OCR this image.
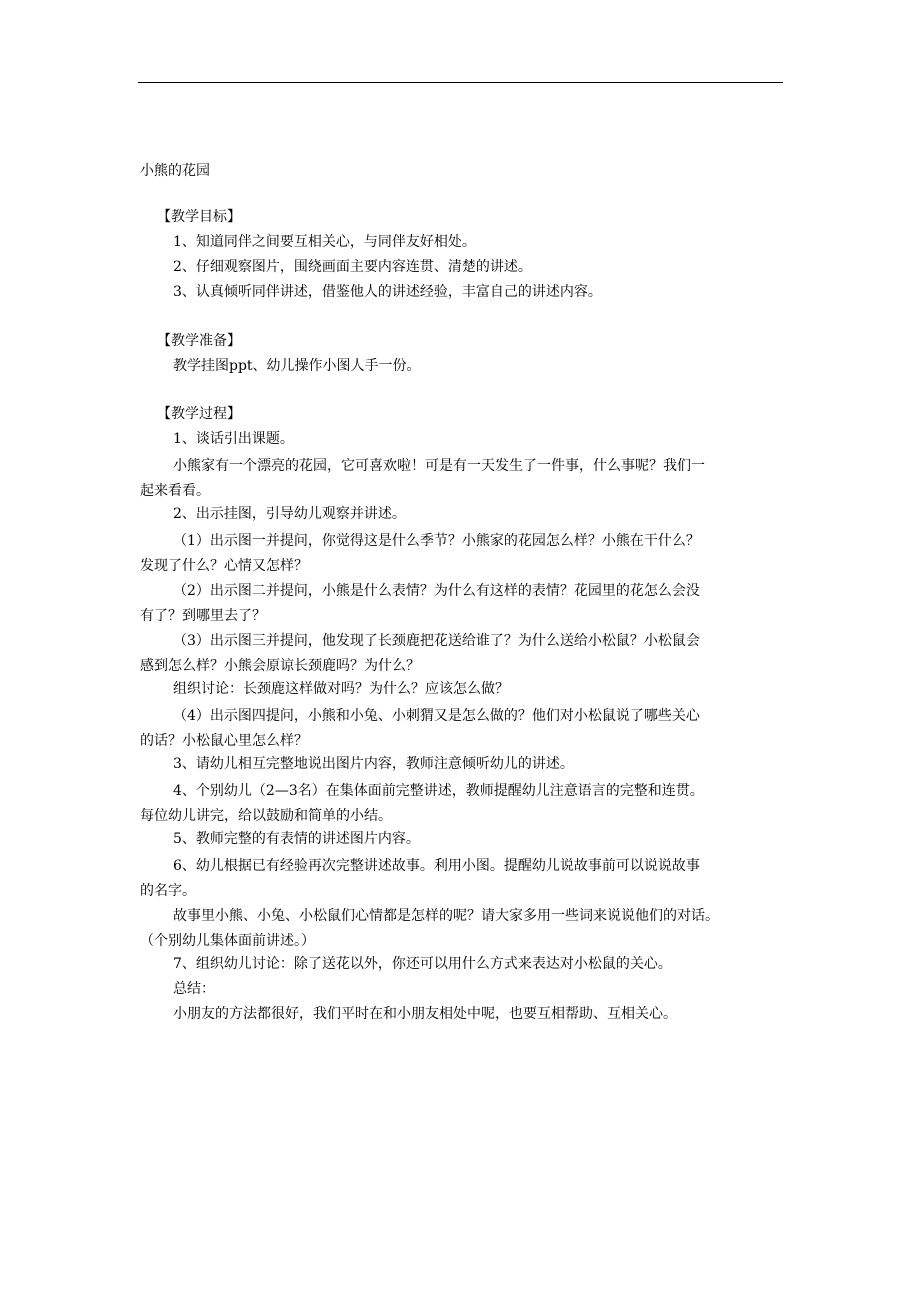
小熊的花园
【教学目标】
1、知道同伴之间要互相关心，与同伴友好相处。
2、仔细观察图片，围绕画面主要内容连贯、清楚的讲述。
3、认真倾听同伴讲述，借鉴他人的讲述经验，丰富自己的讲述内容。
【教学准备】
教学挂图ppt、幼儿操作小图人手一份。
【教学过程】
1、谈话引出课题。
小熊家有一个漂亮的花园，它可喜欢啦！可是有一天发生了一件事，什么事呢？我们一
起来看看。
2、出示挂图，引导幼儿观察并讲述。
（1）出示图一并提问，你觉得这是什么季节？小熊家的花园怎么样？小熊在干什么？
发现了什么？心情又怎样？
（2）出示图二并提问，小熊是什么表情？为什么有这样的表情？花园里的花怎么会没
有了？到哪里去了？
（3）出示图三并提问，他发现了长颈鹿把花送给谁了？为什么送给小松鼠？小松鼠会
感到怎么样？小熊会原谅长颈鹿吗？为什么？
组织讨论：长颈鹿这样做对吗？为什么？应该怎么做？
（4）出示图四提问，小熊和小兔、小刺猬又是怎么做的？他们对小松鼠说了哪些关心
的话？小松鼠心里怎么样？
3、请幼儿相互完整地说出图片内容，教师注意倾听幼儿的讲述。
4、个别幼儿（2—3名）在集体面前完整讲述，教师提醒幼儿注意语言的完整和连贯。
每位幼儿讲完，给以鼓励和简单的小结。
5、教师完整的有表情的讲述图片内容。
6、幼儿根据已有经验再次完整讲述故事。利用小图。提醒幼儿说故事前可以说说故事
的名字。
故事里小熊、小兔、小松鼠们心情都是怎样的呢？请大家多用一些词来说说他们的对话。
（个别幼儿集体面前讲述。）
7、组织幼儿讨论：除了送花以外，你还可以用什么方式来表达对小松鼠的关心。
总结：
小朋友的方法都很好，我们平时在和小朋友相处中呢，也要互相帮助、互相关心。
